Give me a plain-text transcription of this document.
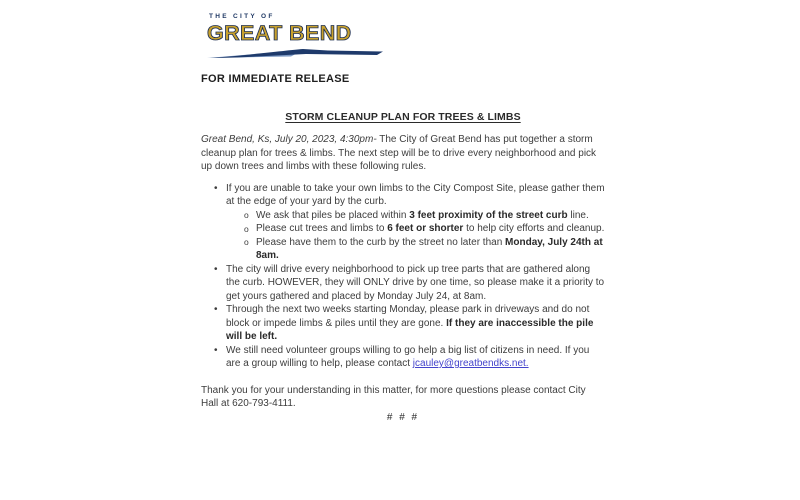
THE CITY OF
GREAT BEND
FOR IMMEDIATE RELEASE
STORM CLEANUP PLAN FOR TREES & LIMBS

Great Bend, Ks, July 20, 2023, 4:30pm- The City of Great Bend has put together a storm cleanup plan for trees & limbs. The next step will be to drive every neighborhood and pick up down trees and limbs with these following rules.

• If you are unable to take your own limbs to the City Compost Site, please gather them at the edge of your yard by the curb.
o We ask that piles be placed within 3 feet proximity of the street curb line.
o Please cut trees and limbs to 6 feet or shorter to help city efforts and cleanup.
o Please have them to the curb by the street no later than Monday, July 24th at 8am.
• The city will drive every neighborhood to pick up tree parts that are gathered along the curb. HOWEVER, they will ONLY drive by one time, so please make it a priority to get yours gathered and placed by Monday July 24, at 8am.
• Through the next two weeks starting Monday, please park in driveways and do not block or impede limbs & piles until they are gone. If they are inaccessible the pile will be left.
• We still need volunteer groups willing to go help a big list of citizens in need. If you are a group willing to help, please contact jcauley@greatbendks.net.

Thank you for your understanding in this matter, for more questions please contact City Hall at 620-793-4111.

# # #
